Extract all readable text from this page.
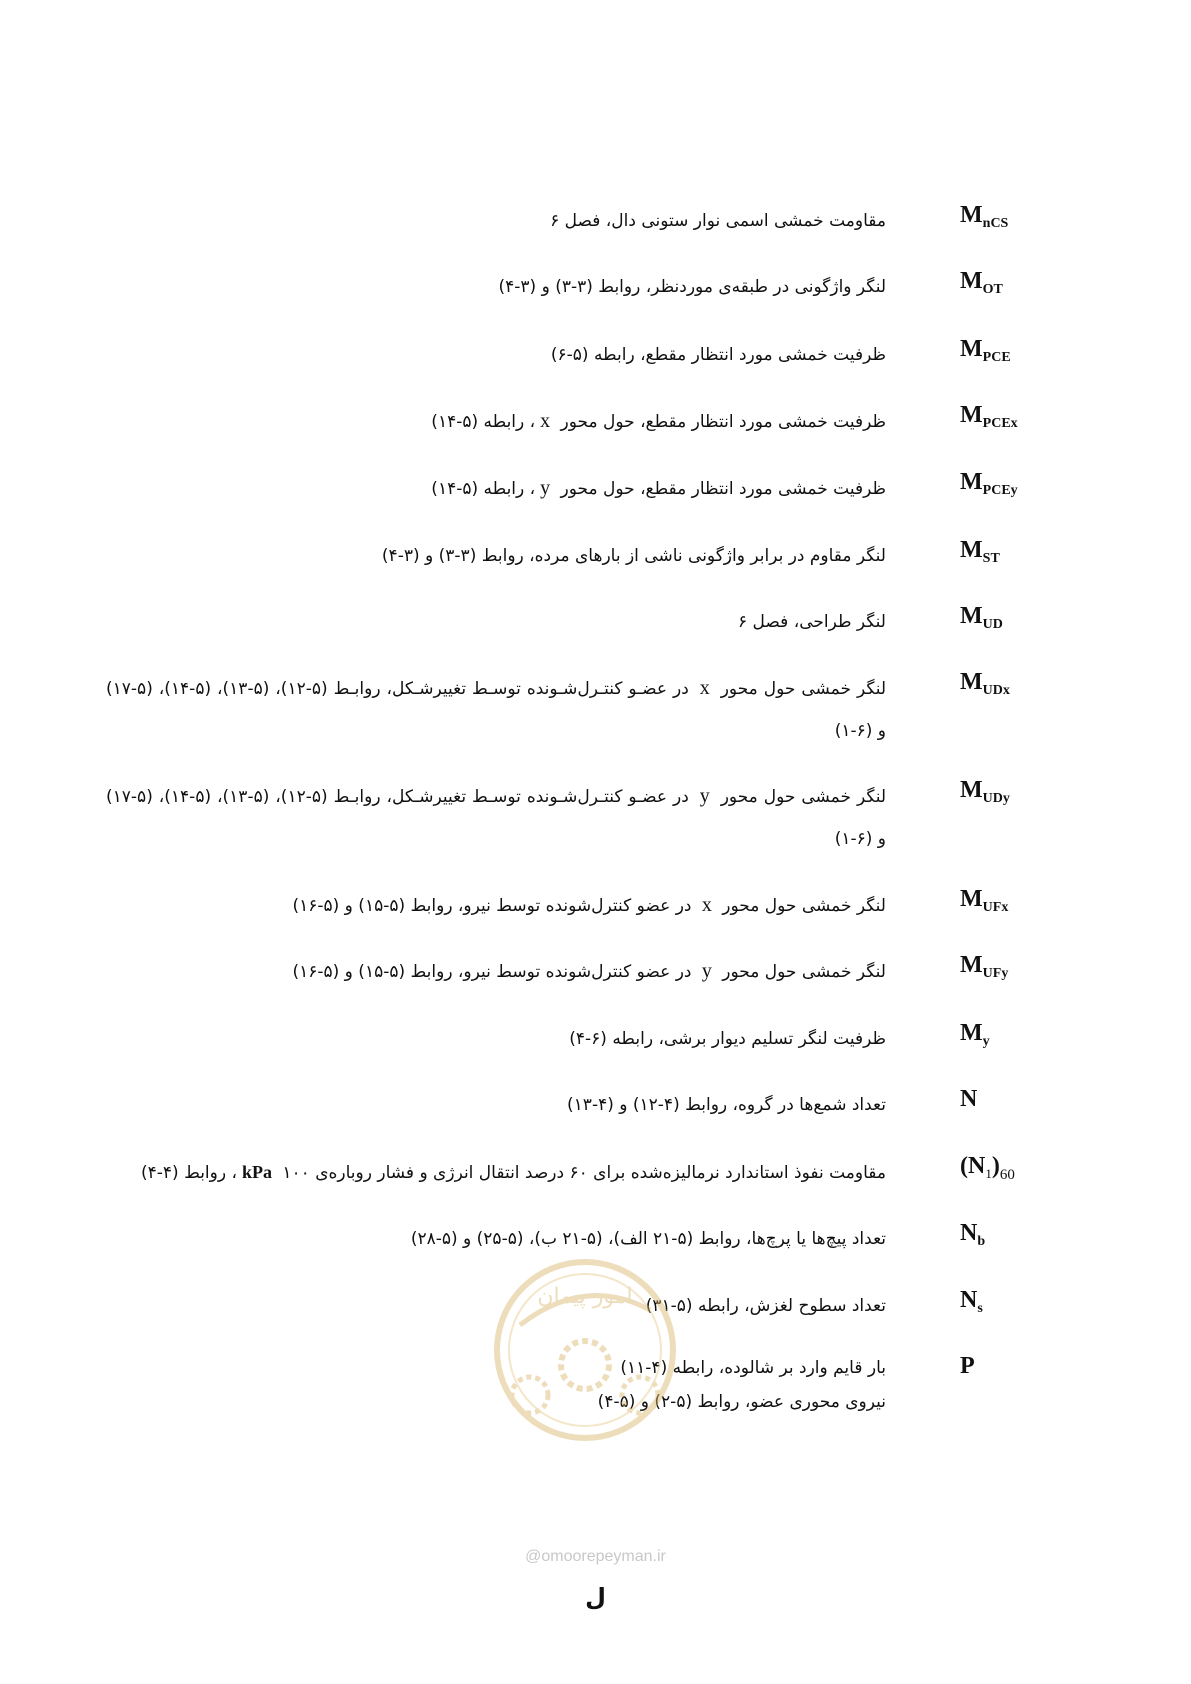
$M_{nCS}$
مقاومت خمشی اسمی نوار ستونی دال، فصل ۶
$M_{OT}$
لنگر واژگونی در طبقه‌ی موردنظر، روابط (۳-۳) و (۳-۴)
$M_{PCE}$
ظرفیت خمشی مورد انتظار مقطع، رابطه (۵-۶)
$M_{PCEx}$
ظرفیت خمشی مورد انتظار مقطع، حول محور x، رابطه (۵-۱۴)
$M_{PCEy}$
ظرفیت خمشی مورد انتظار مقطع، حول محور y، رابطه (۵-۱۴)
$M_{ST}$
لنگر مقاوم در برابر واژگونی ناشی از بارهای مرده، روابط (۳-۳) و (۳-۴)
$M_{UD}$
لنگر طراحی، فصل ۶
$M_{UDx}$
لنگر خمشی حول محور x در عضـو کنتـرل‌شـونده توسـط تغییرشـکل، روابـط (۵-۱۲)، (۵-۱۳)، (۵-۱۴)، (۵-۱۷) و (۶-۱)
$M_{UDy}$
لنگر خمشی حول محور y در عضـو کنتـرل‌شـونده توسـط تغییرشـکل، روابـط (۵-۱۲)، (۵-۱۳)، (۵-۱۴)، (۵-۱۷) و (۶-۱)
$M_{UFx}$
لنگر خمشی حول محور x در عضو کنترل‌شونده توسط نیرو، روابط (۵-۱۵) و (۵-۱۶)
$M_{UFy}$
لنگر خمشی حول محور y در عضو کنترل‌شونده توسط نیرو، روابط (۵-۱۵) و (۵-۱۶)
$M_y$
ظرفیت لنگر تسلیم دیوار برشی، رابطه (۶-۴)
N
تعداد شمع‌ها در گروه، روابط (۴-۱۲) و (۴-۱۳)
$(N_1)_{60}$
مقاومت نفوذ استاندارد نرمالیزه‌شده برای ۶۰ درصد انتقال انرژی و فشار روباره‌ی ۱۰۰ kPa، روابط (۴-۴)
$N_b$
تعداد پیچ‌ها یا پرچ‌ها، روابط (۵-۲۱ الف)، (۵-۲۱ ب)، (۵-۲۵) و (۵-۲۸)
$N_s$
تعداد سطوح لغزش، رابطه (۵-۳۱)
P
بار قایم وارد بر شالوده، رابطه (۴-۱۱)
نیروی محوری عضو، روابط (۵-۲) و (۵-۴)
امور پیمان
@omoorepeyman.ir
ل
